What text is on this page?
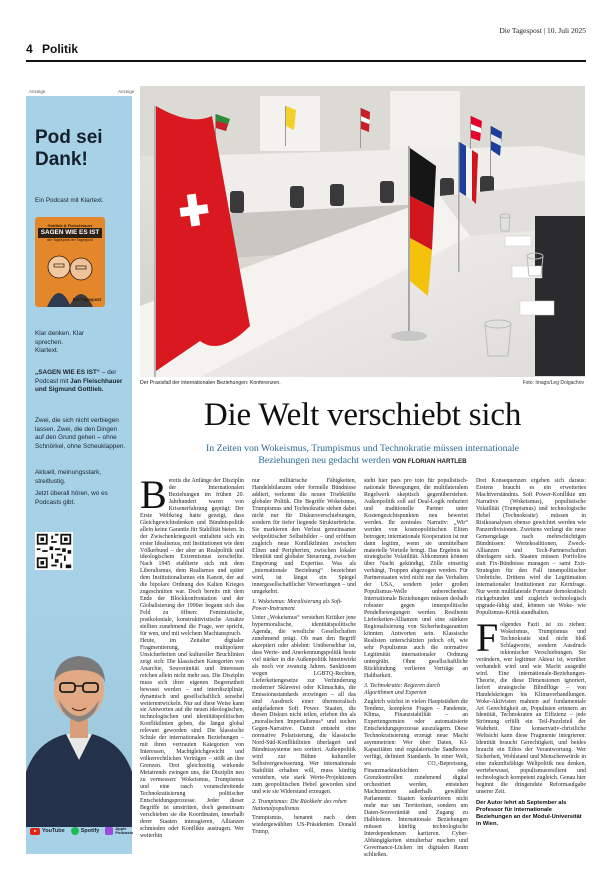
Die Tagespost | 10. Juli 2025
4 Politik
Anzeige	Anzeige
Pod sei Dank!
Ein Podcast mit Klartext.
Gottlieb & Fleischhauer
SAGEN WIE ES IST
der Tagespost der Tagespost
Die Tagespost
Klar denken. Klar sprechen. Klartext.
„SAGEN WIE ES IST“ – der Podcast mit Jan Fleischhauer und Sigmund Gottlieb.
Zwei, die sich nicht verbiegen lassen. Zwei, die den Dingen auf den Grund gehen – ohne Schnörkel, ohne Scheuklappen.
Aktuell, meinungsstark, streitlustig.
Jetzt überall hören, wo es Podcasts gibt.
YouTube	Spotify	Apple Podcasts
Der Praxisfall der internationalen Beziehungen: Konferenzen.	Foto: Imago/Leg Dolgachov
Die Welt verschiebt sich
In Zeiten von Wokeismus, Trumpismus und Technokratie müssen internationale Beziehungen neu gedacht werden VON FLORIAN HARTLEB
B ereits die Anfänge der Disziplin der Internationalen Beziehungen im frühen 20. Jahrhundert waren von Krisenerfahrung geprägt: Der Erste Weltkrieg hatte gezeigt, dass Gleichgewichtsdenken und Bündnispolitik allein keine Garantie für Stabilität bieten. In der Zwischenkriegszeit entfaltete sich ein erster Idealismus, mit Institutionen wie dem Völkerbund – der aber an Realpolitik und ideologischem Extremismus zerschellte. Nach 1945 etablierte sich mit dem Liberalismus, dem Realismus und später dem Institutionalismus ein Kanon, der auf die bipolare Ordnung des Kalten Krieges zugeschnitten war. Doch bereits mit dem Ende der Blockkonfrontation und der Globalisierung der 1990er begann sich das Feld zu öffnen: Feministische, postkoloniale, konstruktivistische Ansätze stellten zunehmend die Frage, wer spricht, für wen, und mit welchem Machtanspruch.

Heute, im Zeitalter digitaler Fragmentierung, multipolarer Unsicherheiten und kultureller Bruchlinien zeigt sich: Die klassischen Kategorien von Anarchie, Souveränität und Interessen reichen allein nicht mehr aus. Die Disziplin muss sich ihrer eigenen Begrenztheit bewusst werden – und interdisziplinär, dynamisch und gesellschaftlich sensibel weiterentwickeln. Nur auf diese Weise kann sie Antworten auf die neuen ideologischen, technologischen und identitätspolitischen Konfliktlinien geben, die längst global relevant geworden sind. Die klassische Schule der internationalen Beziehungen – mit ihren vertrauten Kategorien von Interessen, Machtgleichgewicht und völkerrechtlichen Verträgen – stößt an ihre Grenzen. Drei gleichzeitig wirkende Metatrends zwingen uns, die Disziplin neu zu vermessen: Wokeismus, Trumpismus und eine rasch voranschreitende Technokratisierung politischer Entscheidungsprozesse. Jeder dieser Begriffe ist umstritten, doch gemeinsam verschieben sie die Koordinaten, innerhalb derer Staaten interagieren, Allianzen schmieden oder Konflikte austragen. Wer weiterhin

nur militärische Fähigkeiten, Handelsbilanzen oder formelle Bündnisse addiert, verkennt die neuen Triebkräfte globaler Politik. Die Begriffe Wokeismus, Trumpismus und Technokratie stehen dabei nicht nur für Diskursverschiebungen, sondern für tiefer liegende Strukturbrüche. Sie markieren den Verlust gemeinsamer weltpolitischer Selbstbilder – und eröffnen zugleich neue Konfliktlinien zwischen Eliten und Peripherien, zwischen lokaler Identität und globaler Steuerung, zwischen Empörung und Expertise. Was als „internationale Beziehung“ bezeichnet wird, ist längst ein Spiegel innergesellschaftlicher Verwerfungen – und umgekehrt.

1. Wokeismus: Moralisierung als Soft-Power-Instrument

Unter „Wokeismus“ verstehen Kritiker jene hypermoralische, identitätspolitische Agenda, die westliche Gesellschaften zunehmend prägt. Ob man den Begriff akzeptiert oder ablehnt: Unübersehbar ist, dass Werte- und Anerkennungspolitik heute viel stärker in die Außenpolitik hineinwirkt als noch vor zwanzig Jahren. Sanktionen wegen LGBTQ-Rechten, Lieferkettengesetze zur Verhinderung moderner Sklaverei oder Klimachäts, die Emissionsstandards erzwingen – all das sind Ausdruck einer übermoralisch aufgeladenen Soft Power. Staaten, die diesen Diskurs nicht teilen, erleben ihn als „moralischen Imperialismus“ und suchen Gegen-Narrative. Damit entsteht eine normative Polarisierung, die klassische Nord-Süd-Konfliktlinien überlagert und Bündnissysteme neu sortiert. Außenpolitik wird zur Bühne kultureller Selbstvergewisserung. Wer internationale Stabilität erhalten will, muss künftig verstehen, wie stark Werte-Projektionen zum geopolitischen Hebel geworden sind und wie sie Widerstand erzeugen.

2. Trumpismus: Die Rückkehr des rohen Nationalpopulismus

Trumpismus, benannt nach dem wiedergewählten US-Präsidenten Donald Trump,

steht hier pars pro toto für populistisch-nationale Bewegungen, die multilateralem Regelwerk skeptisch gegenüberstehen. Außenpolitik soll auf Deal-Logik reduziert und traditionelle Partner unter Kostengesichtspunkten neu bewertet werden. Ihr zentrales Narrativ: „Wir“ werden von kosmopolitischen Eliten betrogen; internationale Kooperation ist nur dann legitim, wenn sie unmittelbare materielle Vorteile bringt. Das Ergebnis ist strategische Volatilität. Abkommen können über Nacht gekündigt, Zölle einseitig verhängt, Truppen abgezogen werden. Für Partnerstaaten wird nicht nur das Verhalten der USA, sondern jeder großen Populismus-Welle unberechenbar. Internationale Beziehungen müssen deshalb robuster gegen innenpolitische Pendelbewegungen werden. Resiliente Lieferketten-Allianzen und eine stärkere Regionalisierung von Sicherheitsgarantien könnten Antworten sein. Klassische Realisten unterschätzten jedoch oft, wie sehr Populismus auch die normative Legitimität internationaler Ordnung untergräbt. Ohne gesellschaftliche Rückbindung verlieren Verträge an Haltbarkeit.

3. Technokratie: Regieren durch Algorithmen und Experten

Zugleich wächst in vielen Hauptstädten die Tendenz, komplexe Fragen – Pandemie, Klima, Finanzstabilität – an Expertengremien oder automatisierte Entscheidungsprozesse auszulagern. Diese Technokratisierung erzeugt neue Macht asymmetrien: Wer über Daten, KI-Kapazitäten und regulatorische Sandboxes verfügt, definiert Standards. In einer Welt, wo CO₂-Bepreisung, Finanzmarktaufsichten oder Grenzkontrollen zunehmend digital orchestriert werden, entstehen Machtzentren außerhalb gewählter Parlamente. Staaten konkurrieren nicht mehr nur um Territorium, sondern um Daten-Souveränität und Zugang zu Halbleitern. Internationale Beziehungen müssen künftig technologische Interdependenzen kartieren. Cyber-Abhängigkeiten simulierbar machen und Governance-Lücken im digitalen Raum schließen.

Drei Konsequenzen ergeben sich daraus: Erstens braucht es ein erweitertes Machtverständnis. Soft Power-Konflikte um Narrative (Wokeismus), populistische Volatilität (Trumpismus) und technologische Hebel (Technokratie) müssen in Risikoanalysen ebenso gewichtet werden wie Panzerdivisionen. Zweitens verlangt die neue Gemengelage nach mehrschichtigen Bündnissen: Wertekoalitionen, Zweck-Allianzen und Tech-Partnerschaften überlagern sich. Staaten müssen Portfolios statt Fix-Bündnisse managen – samt Exit-Strategien für den Fall innenpolitischer Umbrüche. Drittens wird die Legitimation internationaler Institutionen zur Kernfrage. Nur wenn multilaterale Formate demokratisch rückgebunden und zugleich technologisch upgrade-fähig sind, können sie Woke- wie Populismus-Kritik standhalten.

F olgendes Fazit ist zu ziehen: Wokeismus, Trumpismus und Technokratie sind nicht bloß Schlagworte, sondern Ausdruck tektonischer Verschiebungen. Sie verändern, wer legitimer Akteur ist, worüber verhandelt wird und wie Macht ausgeübt wird. Eine internationale-Beziehungen-Theorie, die diese Dimensionen ignoriert, liefert strategische Blindflüge – von Handelskriegen bis Klimaverhandlungen. Woke-Aktivisten mahnen auf fundamentale Art Gerechtigkeit an, Populisten erinnern an Identität, Technokraten an Effizienz – jede Strömung erfüllt ein Teil-Puzzleteil der Wahrheit. Eine konservativ-christliche Weltsicht kann diese Fragmente integrieren: Identität braucht Gerechtigkeit, und beides braucht ein Ethos der Verantwortung. Wer Sicherheit, Wohlstand und Menschenwürde in eine zukunftsfähige Weltpolitik neu denken, wertebewusst, populismusresilient und technologisch kompetent zugleich. Genau hier beginnt die dringendste Reformaufgabe unserer Zeit.

Der Autor lehrt ab September als Professor für internationale Beziehungen an der Modul-Universität in Wien.
